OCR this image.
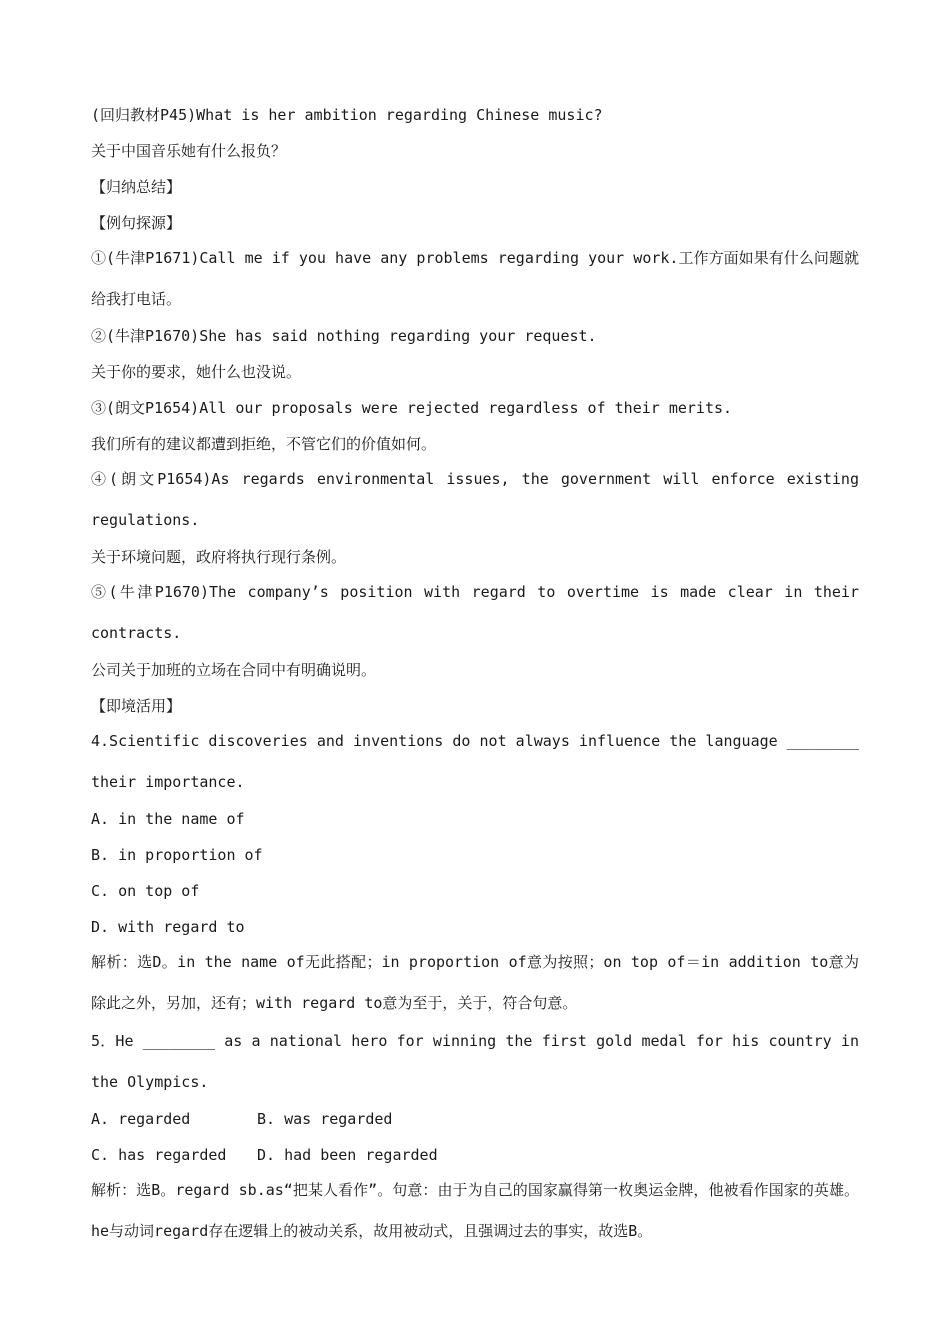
(回归教材P45)What is her ambition regarding Chinese music?
关于中国音乐她有什么报负？
【归纳总结】
【例句探源】
①(牛津P1671)Call me if you have any problems regarding your work.工作方面如果有什么问题就给我打电话。
②(牛津P1670)She has said nothing regarding your request.
关于你的要求，她什么也没说。
③(朗文P1654)All our proposals were rejected regardless of their merits.
我们所有的建议都遭到拒绝，不管它们的价值如何。
④(朗文P1654)As regards environmental issues, the government will enforce existing regulations.
关于环境问题，政府将执行现行条例。
⑤(牛津P1670)The company’s position with regard to overtime is made clear in their contracts.
公司关于加班的立场在合同中有明确说明。
【即境活用】
4.Scientific discoveries and inventions do not always influence the language ________ their importance.
A. in the name of
B. in proportion of
C. on top of
D. with regard to
解析：选D。in the name of无此搭配；in proportion of意为按照；on top of＝in addition to意为除此之外，另加，还有；with regard to意为至于，关于，符合句意。
5．He ________ as a national hero for winning the first gold medal for his country in the Olympics.
A. regarded	B. was regarded
C. has regarded	D. had been regarded
解析：选B。regard sb.as“把某人看作”。句意：由于为自己的国家赢得第一枚奥运金牌，他被看作国家的英雄。he与动词regard存在逻辑上的被动关系，故用被动式，且强调过去的事实，故选B。
